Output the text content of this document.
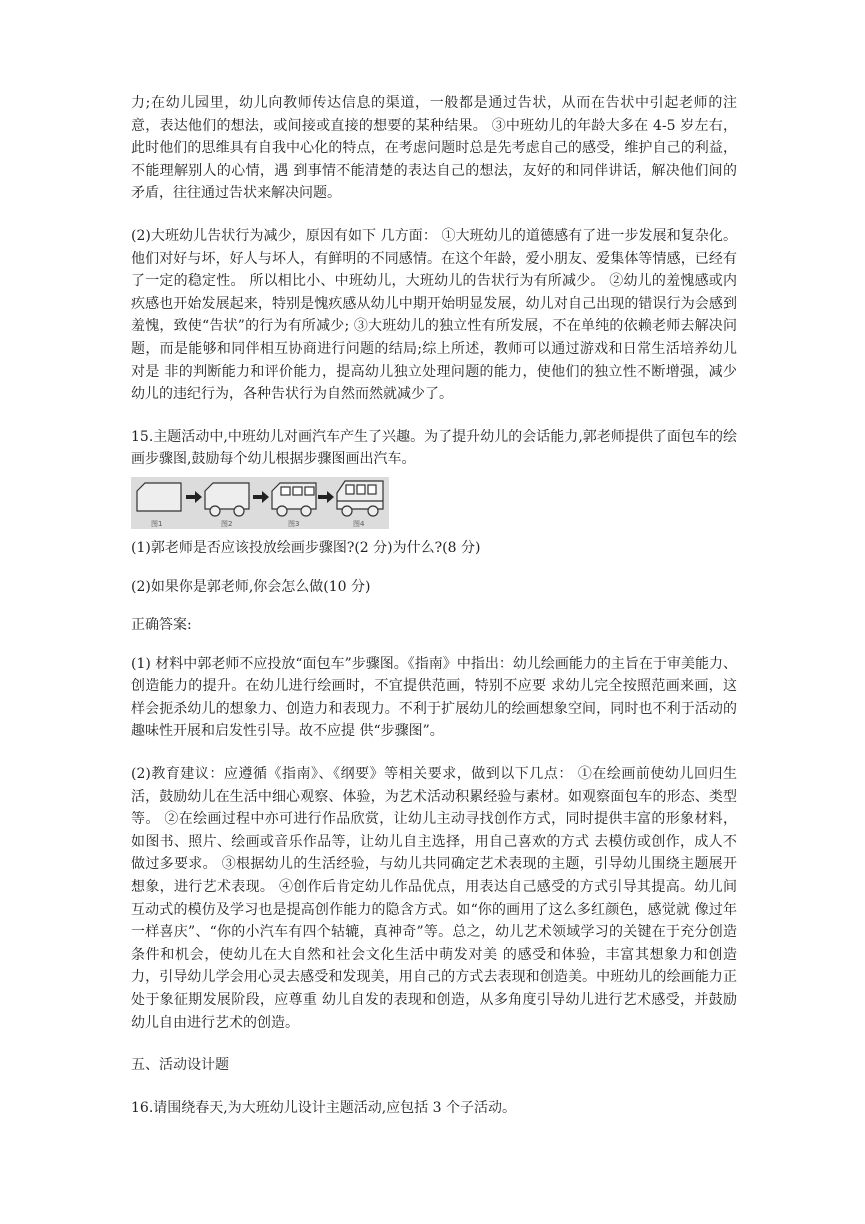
力;在幼儿园里，幼儿向教师传达信息的渠道，一般都是通过告状，从而在告状中引起老师的注 意，表达他们的想法，或间接或直接的想要的某种结果。 ③中班幼儿的年龄大多在 4-5 岁左右，此时他们的思维具有自我中心化的特点，在考虑问题时总是先考虑自己的感受，维护自己的利益，不能理解别人的心情，遇 到事情不能清楚的表达自己的想法，友好的和同伴讲话，解决他们间的矛盾，往往通过告状来解决问题。

(2)大班幼儿告状行为减少，原因有如下 几方面： ①大班幼儿的道德感有了进一步发展和复杂化。他们对好与坏，好人与坏人，有鲜明的不同感情。在这个年龄，爱小朋友、爱集体等情感，已经有了一定的稳定性。 所以相比小、中班幼儿，大班幼儿的告状行为有所减少。 ②幼儿的羞愧感或内疚感也开始发展起来，特别是愧疚感从幼儿中期开始明显发展，幼儿对自己出现的错误行为会感到羞愧，致使“告状”的行为有所减少; ③大班幼儿的独立性有所发展，不在单纯的依赖老师去解决问题，而是能够和同伴相互协商进行问题的结局;综上所述，教师可以通过游戏和日常生活培养幼儿对是 非的判断能力和评价能力，提高幼儿独立处理问题的能力，使他们的独立性不断增强，减少幼儿的违纪行为，各种告状行为自然而然就减少了。

15.主题活动中,中班幼儿对画汽车产生了兴趣。为了提升幼儿的会话能力,郭老师提供了面包车的绘画步骤图,鼓励每个幼儿根据步骤图画出汽车。

图1	图2	图3	图4

(1)郭老师是否应该投放绘画步骤图?(2 分)为什么?(8 分)

(2)如果你是郭老师,你会怎么做(10 分)

正确答案:

(1) 材料中郭老师不应投放“面包车”步骤图。《指南》中指出：幼儿绘画能力的主旨在于审美能力、创造能力的提升。在幼儿进行绘画时，不宜提供范画，特别不应要 求幼儿完全按照范画来画，这样会扼杀幼儿的想象力、创造力和表现力。不利于扩展幼儿的绘画想象空间，同时也不利于活动的趣味性开展和启发性引导。故不应提 供“步骤图”。

(2)教育建议：应遵循《指南》、《纲要》等相关要求，做到以下几点： ①在绘画前使幼儿回归生活，鼓励幼儿在生活中细心观察、体验，为艺术活动积累经验与素材。如观察面包车的形态、类型等。 ②在绘画过程中亦可进行作品欣赏，让幼儿主动寻找创作方式，同时提供丰富的形象材料，如图书、照片、绘画或音乐作品等，让幼儿自主选择，用自己喜欢的方式 去模仿或创作，成人不做过多要求。 ③根据幼儿的生活经验，与幼儿共同确定艺术表现的主题，引导幼儿围绕主题展开想象，进行艺术表现。 ④创作后肯定幼儿作品优点，用表达自己感受的方式引导其提高。幼儿间互动式的模仿及学习也是提高创作能力的隐含方式。如“你的画用了这么多红颜色，感觉就 像过年一样喜庆”、“你的小汽车有四个轱辘，真神奇”等。总之，幼儿艺术领域学习的关键在于充分创造条件和机会，使幼儿在大自然和社会文化生活中萌发对美 的感受和体验，丰富其想象力和创造力，引导幼儿学会用心灵去感受和发现美，用自己的方式去表现和创造美。中班幼儿的绘画能力正处于象征期发展阶段，应尊重 幼儿自发的表现和创造，从多角度引导幼儿进行艺术感受，并鼓励幼儿自由进行艺术的创造。

五、活动设计题

16.请围绕春天,为大班幼儿设计主题活动,应包括 3 个子活动。
